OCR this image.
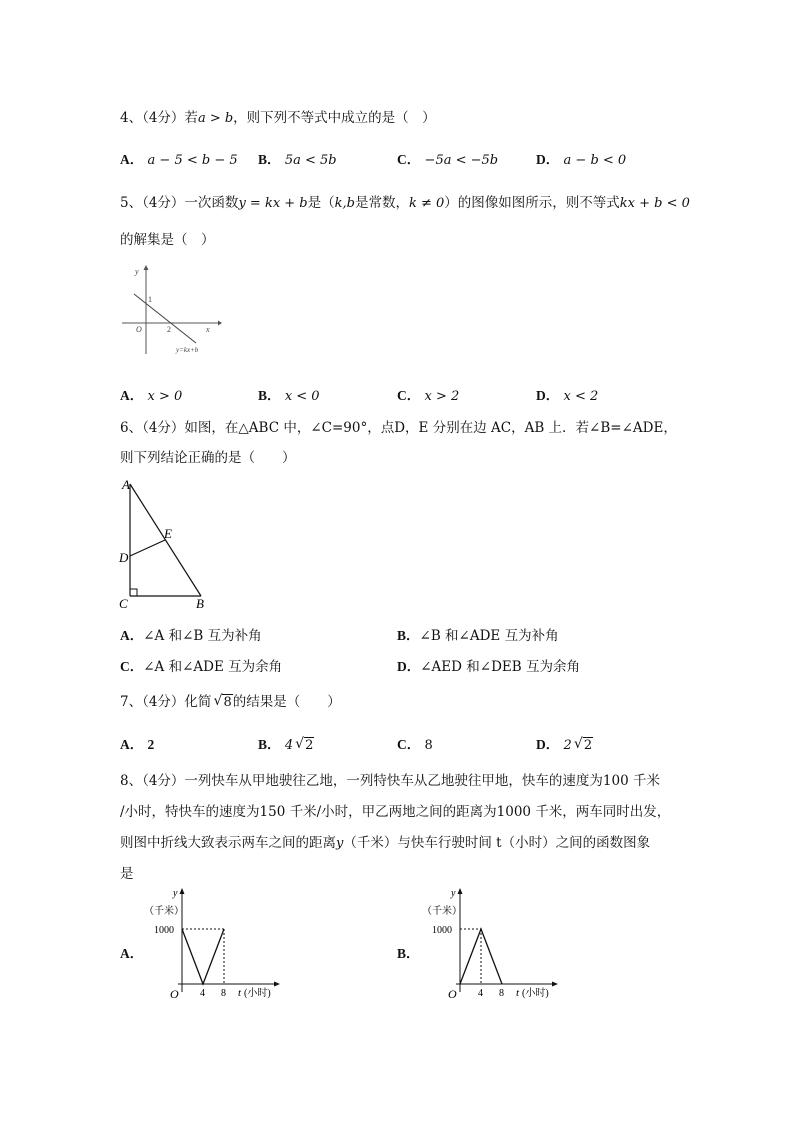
4、（4分）若a > b，则下列不等式中成立的是（　）
A． a − 5 < b − 5 B． 5a < 5b	C． −5a < −5b	D． a − b < 0
5、（4分）一次函数y = kx + b是（k,b是常数，k ≠ 0）的图像如图所示，则不等式kx + b < 0
的解集是（　）
y
x
O
1
2
y=kx+b
A． x > 0	B． x < 0	C． x > 2	D． x < 2
6、（4分）如图，在△ABC 中，∠C=90°，点D，E 分别在边 AC，AB 上．若∠B=∠ADE，
则下列结论正确的是（　　）
A
B
C
D
E
A．∠A 和∠B 互为补角	B．∠B 和∠ADE 互为补角
C．∠A 和∠ADE 互为余角	D．∠AED 和∠DEB 互为余角
7、（4分）化简 √ 8的结果是（　　）
A． 2	B． 4 √ 2	C． 8	D． 2 √ 2
8、（4分）一列快车从甲地驶往乙地，一列特快车从乙地驶往甲地，快车的速度为100 千米
/小时，特快车的速度为150 千米/小时，甲乙两地之间的距离为1000 千米，两车同时出发，
则图中折线大致表示两车之间的距离y（千米）与快车行驶时间 t（小时）之间的函数图象
是
A．
y
（千米）
1000
O 4 8 t (小时)
B．
y
（千米）
1000
O 4 8 t (小时)
